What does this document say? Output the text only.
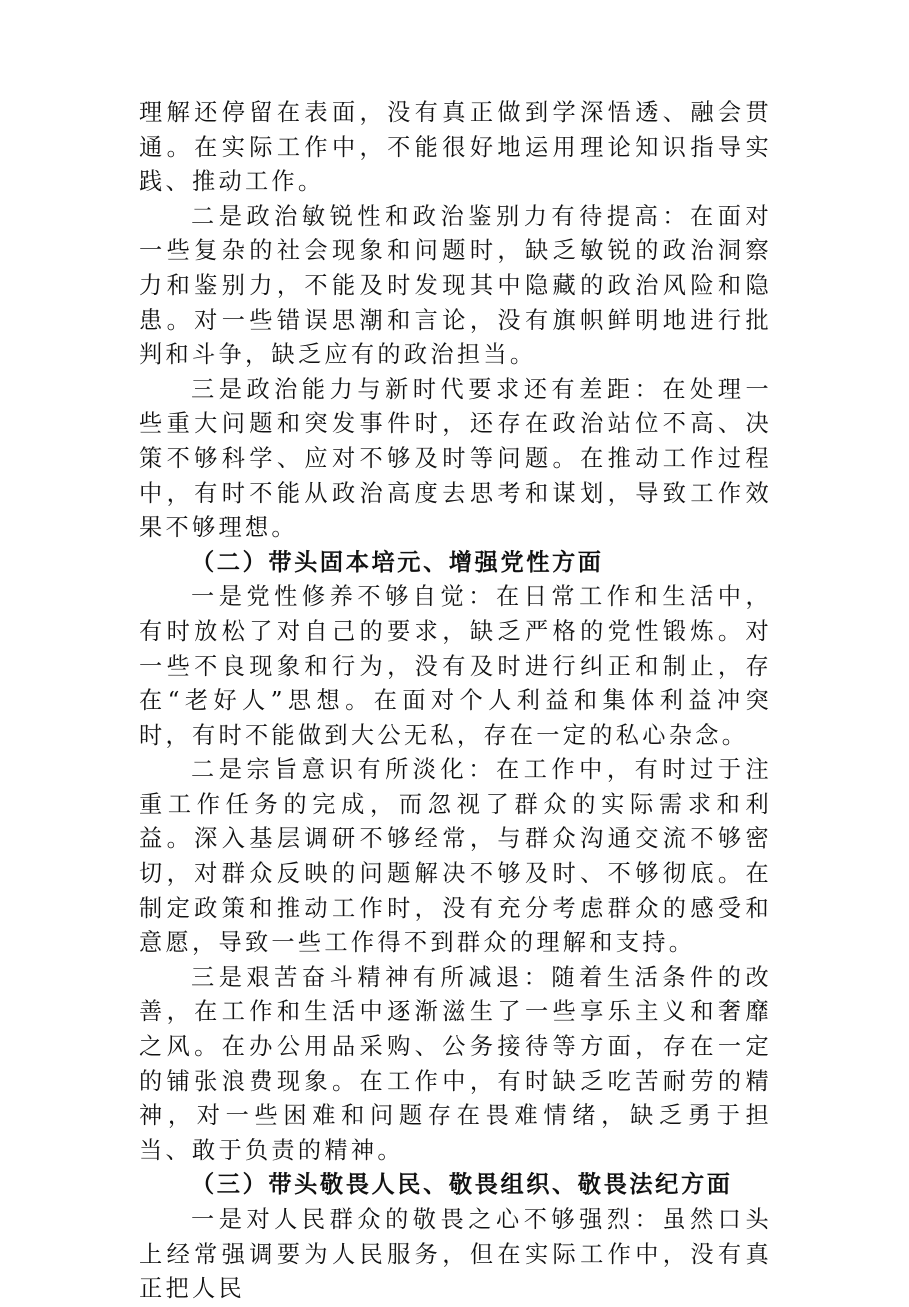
理解还停留在表面，没有真正做到学深悟透、融会贯通。在实际工作中，不能很好地运用理论知识指导实践、推动工作。

二是政治敏锐性和政治鉴别力有待提高：在面对一些复杂的社会现象和问题时，缺乏敏锐的政治洞察力和鉴别力，不能及时发现其中隐藏的政治风险和隐患。对一些错误思潮和言论，没有旗帜鲜明地进行批判和斗争，缺乏应有的政治担当。

三是政治能力与新时代要求还有差距：在处理一些重大问题和突发事件时，还存在政治站位不高、决策不够科学、应对不够及时等问题。在推动工作过程中，有时不能从政治高度去思考和谋划，导致工作效果不够理想。

（二）带头固本培元、增强党性方面

一是党性修养不够自觉：在日常工作和生活中，有时放松了对自己的要求，缺乏严格的党性锻炼。对一些不良现象和行为，没有及时进行纠正和制止，存在“老好人”思想。在面对个人利益和集体利益冲突时，有时不能做到大公无私，存在一定的私心杂念。

二是宗旨意识有所淡化：在工作中，有时过于注重工作任务的完成，而忽视了群众的实际需求和利益。深入基层调研不够经常，与群众沟通交流不够密切，对群众反映的问题解决不够及时、不够彻底。在制定政策和推动工作时，没有充分考虑群众的感受和意愿，导致一些工作得不到群众的理解和支持。

三是艰苦奋斗精神有所减退：随着生活条件的改善，在工作和生活中逐渐滋生了一些享乐主义和奢靡之风。在办公用品采购、公务接待等方面，存在一定的铺张浪费现象。在工作中，有时缺乏吃苦耐劳的精神，对一些困难和问题存在畏难情绪，缺乏勇于担当、敢于负责的精神。

（三）带头敬畏人民、敬畏组织、敬畏法纪方面

一是对人民群众的敬畏之心不够强烈：虽然口头上经常强调要为人民服务，但在实际工作中，没有真正把人民
